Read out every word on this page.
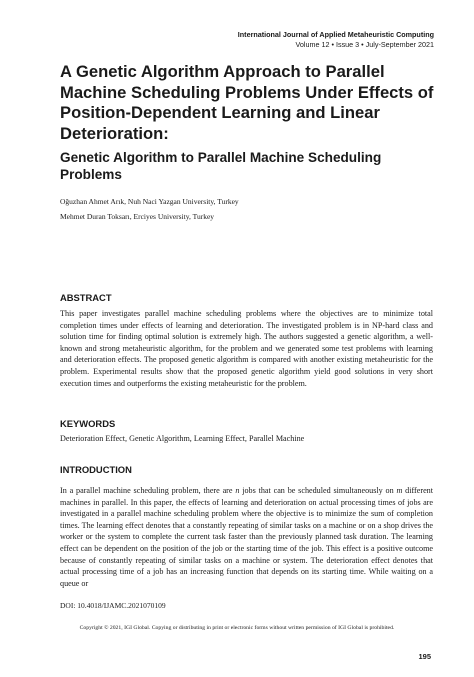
International Journal of Applied Metaheuristic Computing
Volume 12 • Issue 3 • July-September 2021
A Genetic Algorithm Approach to Parallel Machine Scheduling Problems Under Effects of Position-Dependent Learning and Linear Deterioration:
Genetic Algorithm to Parallel Machine Scheduling Problems
Oğuzhan Ahmet Arık, Nuh Naci Yazgan University, Turkey
Mehmet Duran Toksarı, Erciyes University, Turkey
ABSTRACT

This paper investigates parallel machine scheduling problems where the objectives are to minimize total completion times under effects of learning and deterioration. The investigated problem is in NP-hard class and solution time for finding optimal solution is extremely high. The authors suggested a genetic algorithm, a well-known and strong metaheuristic algorithm, for the problem and we generated some test problems with learning and deterioration effects. The proposed genetic algorithm is compared with another existing metaheuristic for the problem. Experimental results show that the proposed genetic algorithm yield good solutions in very short execution times and outperforms the existing metaheuristic for the problem.

KEYWORDS

Deterioration Effect, Genetic Algorithm, Learning Effect, Parallel Machine

INTRODUCTION

In a parallel machine scheduling problem, there are n jobs that can be scheduled simultaneously on m different machines in parallel. In this paper, the effects of learning and deterioration on actual processing times of jobs are investigated in a parallel machine scheduling problem where the objective is to minimize the sum of completion times. The learning effect denotes that a constantly repeating of similar tasks on a machine or on a shop drives the worker or the system to complete the current task faster than the previously planned task duration. The learning effect can be dependent on the position of the job or the starting time of the job. This effect is a positive outcome because of constantly repeating of similar tasks on a machine or system. The deterioration effect denotes that actual processing time of a job has an increasing function that depends on its starting time. While waiting on a queue or

DOI: 10.4018/IJAMC.2021070109
Copyright © 2021, IGI Global. Copying or distributing in print or electronic forms without written permission of IGI Global is prohibited.
195
